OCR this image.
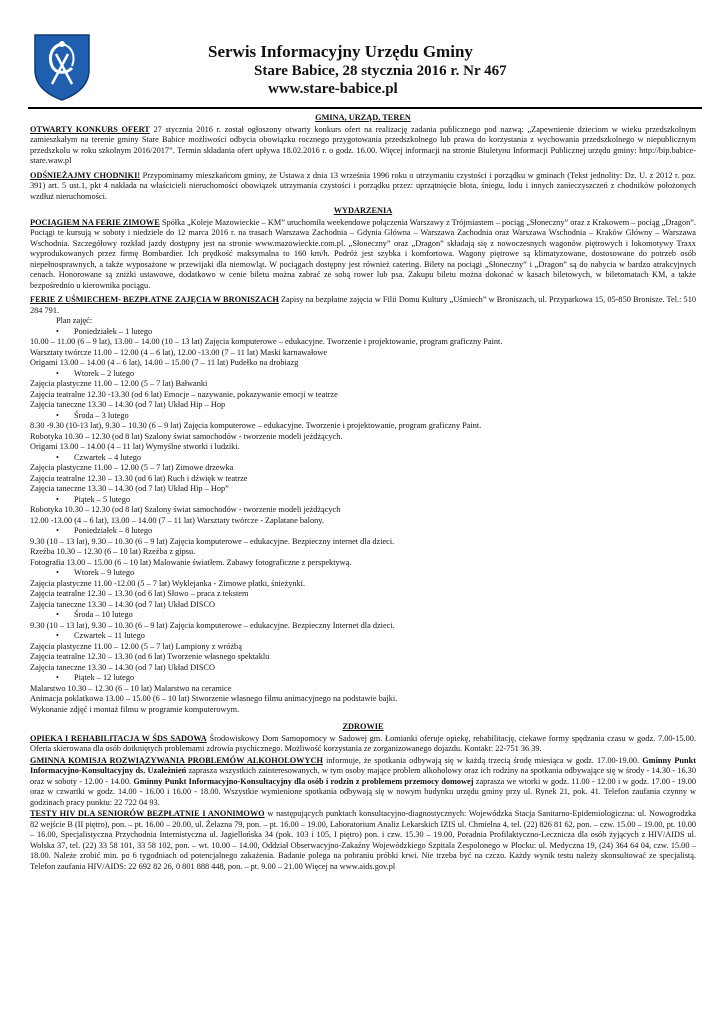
Serwis Informacyjny Urzędu Gminy
Stare Babice, 28 stycznia 2016 r. Nr 467
www.stare-babice.pl
GMINA, URZĄD, TEREN

OTWARTY KONKURS OFERT 27 stycznia 2016 r. został ogłoszony otwarty konkurs ofert na realizację zadania publicznego pod nazwą: „Zapewnienie dzieciom w wieku przedszkolnym zamieszkałym na terenie gminy Stare Babice możliwości odbycia obowiązku rocznego przygotowania przedszkolnego lub prawa do korzystania z wychowania przedszkolnego w niepublicznym przedszkolu w roku szkolnym 2016/2017”. Termin składania ofert upływa 18.02.2016 r. o godz. 16.00. Więcej informacji na stronie Biuletynu Informacji Publicznej urzędu gminy: http://bip.babice-stare.waw.pl

ODŚNIEŻAJMY CHODNIKI! Przypominamy mieszkańcom gminy, że Ustawa z dnia 13 września 1996 roku o utrzymaniu czystości i porządku w gminach (Tekst jednolity: Dz. U. z 2012 r. poz. 391) art. 5 ust.1, pkt 4 nakłada na właścicieli nieruchomości obowiązek utrzymania czystości i porządku przez: uprzątnięcie błota, śniegu, lodu i innych zanieczyszczeń z chodników położonych wzdłuż nieruchomości.

WYDARZENIA

POCIĄGIEM NA FERIE ZIMOWE Spółka „Koleje Mazowieckie – KM” uruchomiła weekendowe połączenia Warszawy z Trójmiastem – pociąg „Słoneczny” oraz z Krakowem – pociąg „Dragon”. Pociągi te kursują w soboty i niedziele do 12 marca 2016 r. na trasach Warszawa Zachodnia – Gdynia Główna – Warszawa Zachodnia oraz Warszawa Wschodnia – Kraków Główny – Warszawa Wschodnia. Szczegółowy rozkład jazdy dostępny jest na stronie www.mazowieckie.com.pl. „Słoneczny” oraz „Dragon” składają się z nowoczesnych wagonów piętrowych i lokomotywy Traxx wyprodukowanych przez firmę Bombardier. Ich prędkość maksymalna to 160 km/h. Podróż jest szybka i komfortowa. Wagony piętrowe są klimatyzowane, dostosowane do potrzeb osób niepełnosprawnych, a także wyposażone w przewijaki dla niemowląt. W pociągach dostępny jest również catering. Bilety na pociągi „Słoneczny” i „Dragon” są do nabycia w bardzo atrakcyjnych cenach. Honorowane są zniżki ustawowe, dodatkowo w cenie biletu można zabrać ze sobą rower lub psa. Zakupu biletu można dokonać w kasach biletowych, w biletomatach KM, a także bezpośrednio u kierownika pociągu.

FERIE Z UŚMIECHEM- BEZPŁATNE ZAJĘCIA W BRONISZACH Zapisy na bezpłatne zajęcia w Filii Domu Kultury „Uśmiech” w Broniszach, ul. Przyparkowa 15, 05-850 Bronisze. Tel.: 510 284 791.

Plan zajęć:

• Poniedziałek – 1 lutego

10.00 – 11.00 (6 – 9 lat), 13.00 – 14.00 (10 – 13 lat) Zajęcia komputerowe – edukacyjne. Tworzenie i projektowanie, program graficzny Paint.

Warsztaty twórcze 11.00 – 12.00 (4 – 6 lat), 12.00 -13.00 (7 – 11 lat) Maski karnawałowe

Origami 13.00 – 14.00 (4 – 6 lat), 14.00 – 15.00 (7 – 11 lat) Pudełko na drobiazg

• Wtorek – 2 lutego

Zajęcia plastyczne 11.00 – 12.00 (5 – 7 lat) Bałwanki

Zajęcia teatralne 12.30 -13.30 (od 6 lat) Emocje – nazywanie, pokazywanie emocji w teatrze

Zajęcia taneczne 13.30 – 14.30 (od 7 lat) Układ Hip – Hop

• Środa – 3 lutego

8.30 -9.30 (10-13 lat), 9.30 – 10.30 (6 – 9 lat) Zajęcia komputerowe – edukacyjne. Tworzenie i projektowanie, program graficzny Paint.

Robotyka 10.30 – 12.30 (od 8 lat) Szalony świat samochodów - tworzenie modeli jeżdżących.

Origami 13.00 – 14.00 (4 – 11 lat) Wymyślne stworki i ludziki.

• Czwartek – 4 lutego

Zajęcia plastyczne 11.00 – 12.00 (5 – 7 lat) Zimowe drzewka

Zajęcia teatralne 12.30 – 13.30 (od 6 lat) Ruch i dźwięk w teatrze

Zajęcia taneczne 13.30 – 14.30 (od 7 lat) Układ Hip – Hop”

• Piątek – 5 lutego

Robotyka 10.30 – 12.30 (od 8 lat) Szalony świat samochodów - tworzenie modeli jeżdżących

12.00 -13.00 (4 – 6 lat), 13.00 – 14.00 (7 – 11 lat) Warsztaty twórcze - Zaplatane balony.

• Poniedziałek – 8 lutego

9.30 (10 – 13 lat), 9.30 – 10.30 (6 – 9 lat) Zajęcia komputerowe – edukacyjne. Bezpieczny internet dla dzieci.

Rzeźba 10.30 – 12.30 (6 – 10 lat) Rzeźba z gipsu.

Fotografia 13.00 – 15.00 (6 – 10 lat) Malowanie światłem. Zabawy fotograficzne z perspektywą.

• Wtorek – 9 lutego

Zajęcia plastyczne 11.00 -12.00 (5 – 7 lat) Wyklejanka - Zimowe płatki, śnieżynki.

Zajęcia teatralne 12.30 – 13.30 (od 6 lat) Słowo – praca z tekstem

Zajęcia taneczne 13.30 – 14.30 (od 7 lat) Układ DISCO

• Środa – 10 lutego

9.30 (10 – 13 lat), 9.30 – 10.30 (6 – 9 lat) Zajęcia komputerowe – edukacyjne. Bezpieczny Internet dla dzieci.

• Czwartek – 11 lutego

Zajęcia plastyczne 11.00 – 12.00 (5 – 7 lat) Lampiony z wróżbą

Zajęcia teatralne 12.30 – 13.30 (od 6 lat) Tworzenie własnego spektaklu

Zajęcia taneczne 13.30 – 14.30 (od 7 lat) Układ DISCO

• Piątek – 12 lutego

Malarstwo 10.30 – 12.30 (6 – 10 lat) Malarstwo na ceramice

Animacja poklatkowa 13.00 – 15.00 (6 – 10 lat) Stworzenie własnego filmu animacyjnego na podstawie bajki.

Wykonanie zdjęć i montaż filmu w programie komputerowym.

ZDROWIE

OPIEKA I REHABILITACJA W ŚDS SADOWA Środowiskowy Dom Samopomocy w Sadowej gm. Łomianki oferuje opiekę, rehabilitację, ciekawe formy spędzania czasu w godz. 7.00-15.00. Oferta skierowana dla osób dotkniętych problemami zdrowia psychicznego. Możliwość korzystania ze zorganizowanego dojazdu. Kontakt: 22-751 36 39.

GMINNA KOMISJA ROZWIĄZYWANIA PROBLEMÓW ALKOHOLOWYCH informuje, że spotkania odbywają się w każdą trzecią środę miesiąca w godz. 17.00-19.00. Gminny Punkt Informacyjno-Konsultacyjny ds. Uzależnień zaprasza wszystkich zainteresowanych, w tym osoby mające problem alkoholowy oraz ich rodziny na spotkania odbywające się w środy - 14.30 - 16.30 oraz w soboty - 12.00 - 14.00. Gminny Punkt Informacyjno-Konsultacyjny dla osób i rodzin z problemem przemocy domowej zaprasza we wtorki w godz. 11.00 - 12.00 i w godz. 17.00 - 19.00 oraz w czwartki w godz. 14.00 - 16.00 i 16.00 - 18.00. Wszystkie wymienione spotkania odbywają się w nowym budynku urzędu gminy przy ul. Rynek 21, pok. 41. Telefon zaufania czynny w godzinach pracy punktu: 22 722 04 93.

TESTY HIV DLA SENIORÓW BEZPŁATNIE I ANONIMOWO w następujących punktach konsultacyjno-diagnostycznych: Wojewódzka Stacja Sanitarno-Epidemiologiczna: ul. Nowogrodzka 82 wejście B (II piętro), pon. – pt. 16.00 – 20.00, ul. Żelazna 79, pon. – pt. 16.00 – 19.00, Laboratorium Analiz Lekarskich IZIS ul. Chmielna 4, tel. (22) 826 81 62, pon. – czw. 15.00 – 19.00, pt. 10.00 – 16.00, Specjalistyczna Przychodnia Internistyczna ul. Jagiellońska 34 (pok. 103 i 105, I piętro) pon. i czw. 15.30 – 19.00, Poradnia Profilaktyczno-Lecznicza dla osób żyjących z HIV/AIDS ul. Wolska 37, tel. (22) 33 58 101, 33 58 102, pon. – wt. 10.00 – 14.00, Oddział Obserwacyjno-Zakaźny Wojewódzkiego Szpitala Zespolonego w Płocku: ul. Medyczna 19, (24) 364 64 04, czw. 15.00 – 18.00. Należe zrobić min. po 6 tygodniach od potencjalnego zakażenia. Badanie polega na pobraniu próbki krwi. Nie trzeba być na czczo. Każdy wynik testu należy skonsultować ze specjalistą. Telefon zaufania HIV/AIDS: 22 692 82 26, 0 801 888 448, pon. – pt. 9.00 – 21.00 Więcej na www.aids.gov.pl
